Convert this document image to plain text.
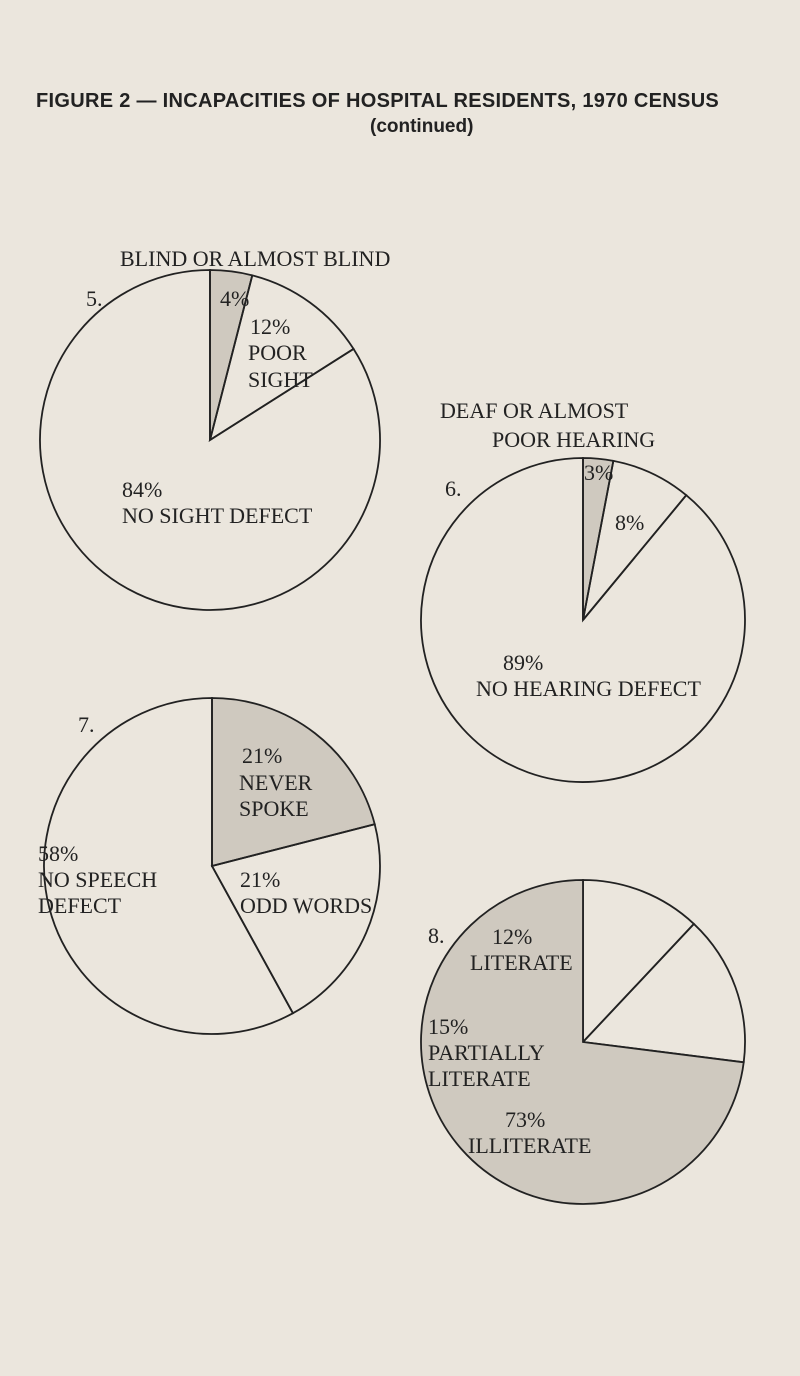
FIGURE 2 — INCAPACITIES OF HOSPITAL RESIDENTS, 1970 CENSUS
(continued)
5.
BLIND OR ALMOST BLIND
4%
12%
POOR
SIGHT
84%
NO SIGHT DEFECT
6.
DEAF OR ALMOST
POOR HEARING
3%
8%
89%
NO HEARING DEFECT
7.
21%
NEVER
SPOKE
21%
ODD WORDS
58%
NO SPEECH
DEFECT
8. 12%
LITERATE
15%
PARTIALLY
LITERATE
73%
ILLITERATE
